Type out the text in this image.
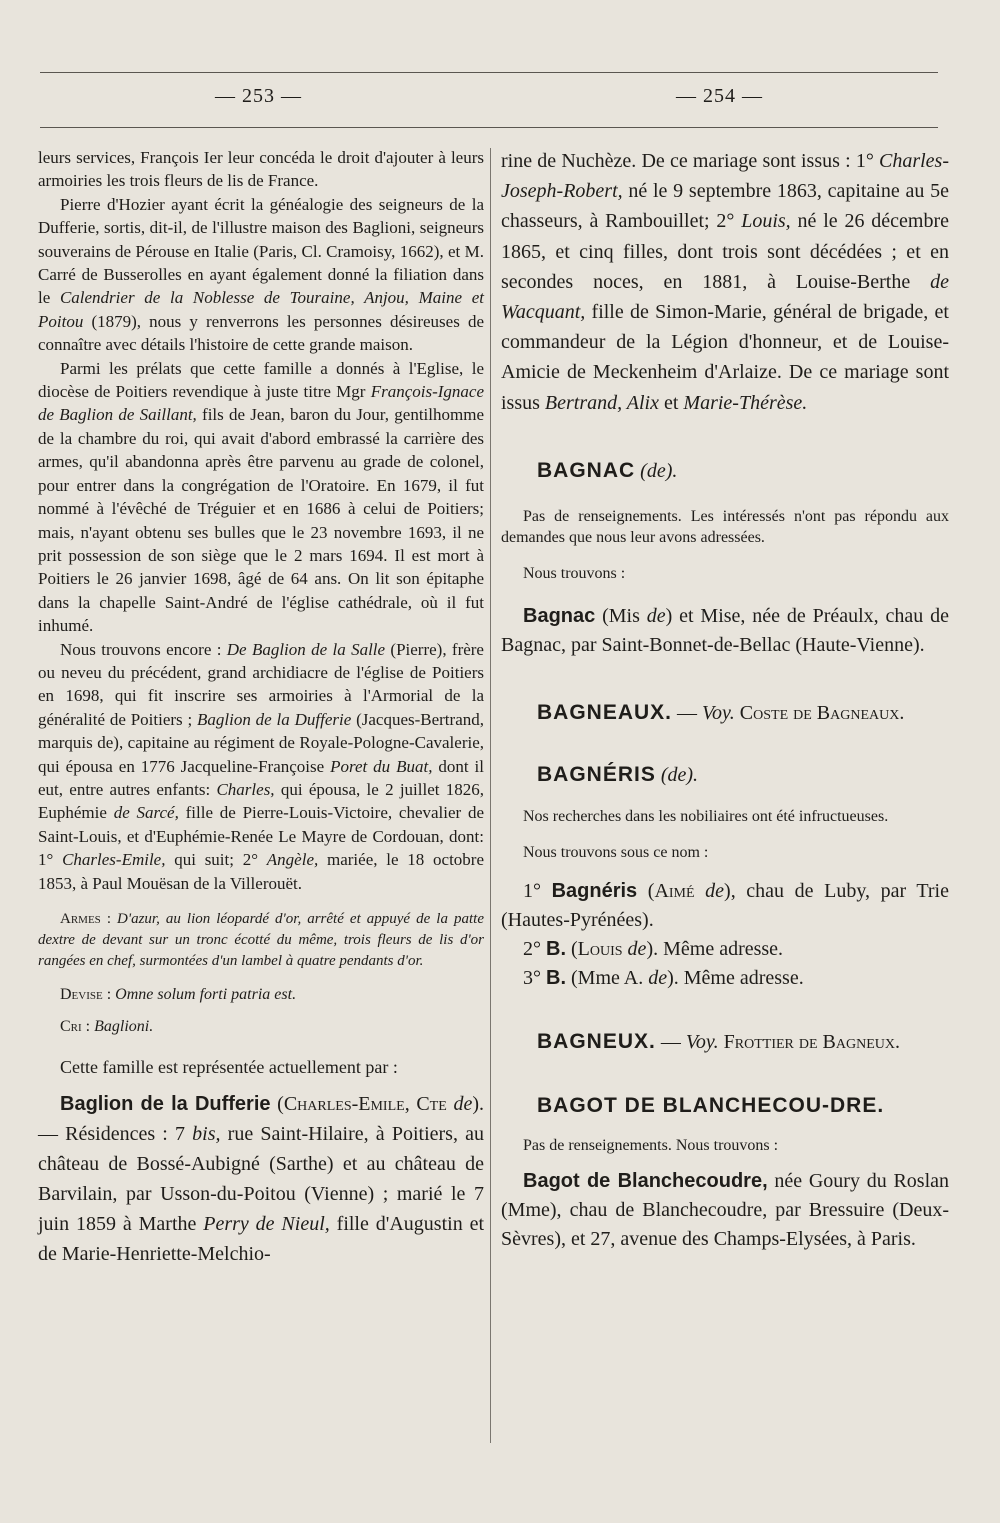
— 253 —	— 254 —

leurs services, François Ier leur concéda le droit d'ajouter à leurs armoiries les trois fleurs de lis de France.

Pierre d'Hozier ayant écrit la généalogie des seigneurs de la Dufferie, sortis, dit-il, de l'illustre maison des Baglioni, seigneurs souverains de Pérouse en Italie (Paris, Cl. Cramoisy, 1662), et M. Carré de Busserolles en ayant également donné la filiation dans le Calendrier de la Noblesse de Touraine, Anjou, Maine et Poitou (1879), nous y renverrons les personnes désireuses de connaître avec détails l'histoire de cette grande maison.

Parmi les prélats que cette famille a donnés à l'Eglise, le diocèse de Poitiers revendique à juste titre Mgr François-Ignace de Baglion de Saillant, fils de Jean, baron du Jour, gentilhomme de la chambre du roi, qui avait d'abord embrassé la carrière des armes, qu'il abandonna après être parvenu au grade de colonel, pour entrer dans la congrégation de l'Oratoire. En 1679, il fut nommé à l'évêché de Tréguier et en 1686 à celui de Poitiers; mais, n'ayant obtenu ses bulles que le 23 novembre 1693, il ne prit possession de son siège que le 2 mars 1694. Il est mort à Poitiers le 26 janvier 1698, âgé de 64 ans. On lit son épitaphe dans la chapelle Saint-André de l'église cathédrale, où il fut inhumé.

Nous trouvons encore : De Baglion de la Salle (Pierre), frère ou neveu du précédent, grand archidiacre de l'église de Poitiers en 1698, qui fit inscrire ses armoiries à l'Armorial de la généralité de Poitiers ; Baglion de la Dufferie (Jacques-Bertrand, marquis de), capitaine au régiment de Royale-Pologne-Cavalerie, qui épousa en 1776 Jacqueline-Françoise Poret du Buat, dont il eut, entre autres enfants: Charles, qui épousa, le 2 juillet 1826, Euphémie de Sarcé, fille de Pierre-Louis-Victoire, chevalier de Saint-Louis, et d'Euphémie-Renée Le Mayre de Cordouan, dont: 1° Charles-Emile, qui suit; 2° Angèle, mariée, le 18 octobre 1853, à Paul Mouësan de la Villerouët.

Armes : D'azur, au lion léopardé d'or, arrêté et appuyé de la patte dextre de devant sur un tronc écotté du même, trois fleurs de lis d'or rangées en chef, surmontées d'un lambel à quatre pendants d'or.

Devise : Omne solum forti patria est.

Cri : Baglioni.

Cette famille est représentée actuellement par :

Baglion de la Dufferie (Charles-Emile, Cte de). — Résidences : 7 bis, rue Saint-Hilaire, à Poitiers, au château de Bossé-Aubigné (Sarthe) et au château de Barvilain, par Usson-du-Poitou (Vienne) ; marié le 7 juin 1859 à Marthe Perry de Nieul, fille d'Augustin et de Marie-Henriette-Melchio-

rine de Nuchèze. De ce mariage sont issus : 1° Charles-Joseph-Robert, né le 9 septembre 1863, capitaine au 5e chasseurs, à Rambouillet; 2° Louis, né le 26 décembre 1865, et cinq filles, dont trois sont décédées ; et en secondes noces, en 1881, à Louise-Berthe de Wacquant, fille de Simon-Marie, général de brigade, et commandeur de la Légion d'honneur, et de Louise-Amicie de Meckenheim d'Arlaize. De ce mariage sont issus Bertrand, Alix et Marie-Thérèse.

BAGNAC (de).

Pas de renseignements. Les intéressés n'ont pas répondu aux demandes que nous leur avons adressées.

Nous trouvons :

Bagnac (Mis de) et Mise, née de Préaulx, chau de Bagnac, par Saint-Bonnet-de-Bellac (Haute-Vienne).

BAGNEAUX. — Voy. Coste de Bagneaux.

BAGNÉRIS (de).

Nos recherches dans les nobiliaires ont été infructueuses.

Nous trouvons sous ce nom :

1° Bagnéris (Aimé de), chau de Luby, par Trie (Hautes-Pyrénées).

2° B. (Louis de). Même adresse.

3° B. (Mme A. de). Même adresse.

BAGNEUX. — Voy. Frottier de Bagneux.

BAGOT DE BLANCHECOU-DRE.

Pas de renseignements. Nous trouvons :

Bagot de Blanchecoudre, née Goury du Roslan (Mme), chau de Blanchecoudre, par Bressuire (Deux-Sèvres), et 27, avenue des Champs-Elysées, à Paris.
